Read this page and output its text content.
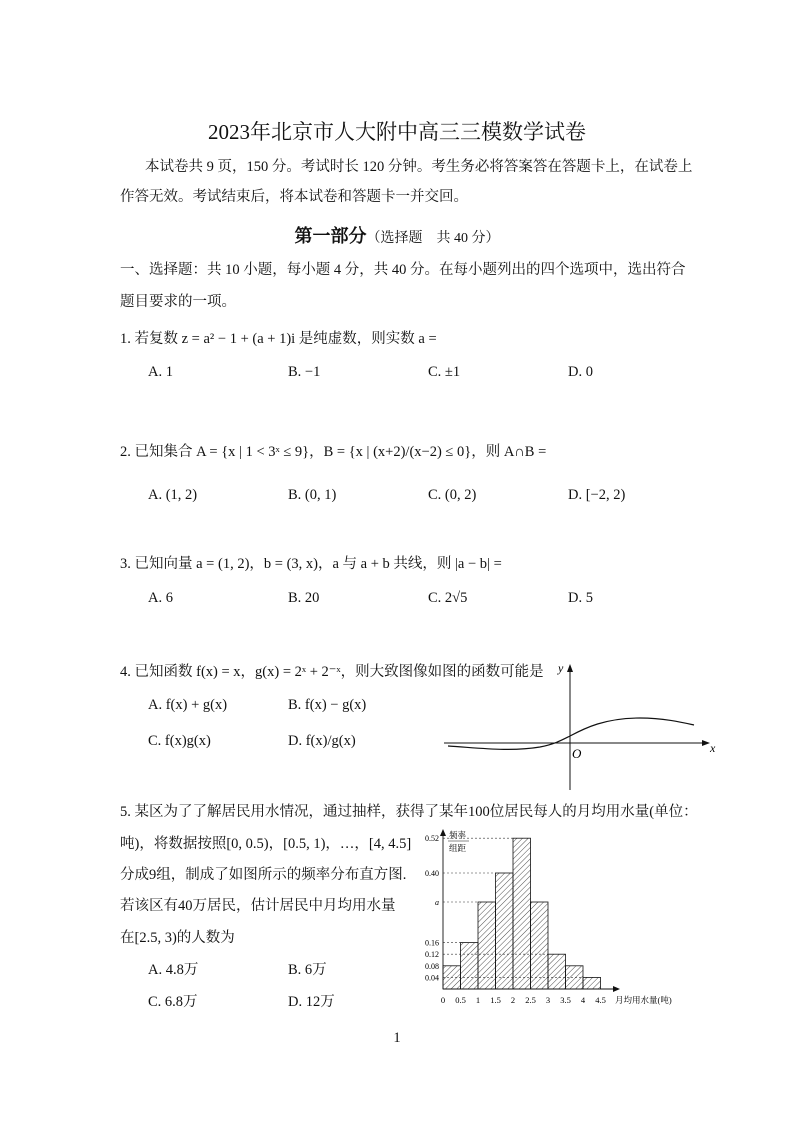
2023年北京市人大附中高三三模数学试卷
本试卷共 9 页，150 分。考试时长 120 分钟。考生务必将答案答在答题卡上，在试卷上
作答无效。考试结束后，将本试卷和答题卡一并交回。
第一部分（选择题　共 40 分）
一、选择题：共 10 小题，每小题 4 分，共 40 分。在每小题列出的四个选项中，选出符合
题目要求的一项。
1. 若复数 z = a² − 1 + (a + 1)i 是纯虚数，则实数 a =
A. 1	B. −1	C. ±1	D. 0
2. 已知集合 A = {x | 1 < 3ˣ ≤ 9}，B = {x | (x+2)/(x−2) ≤ 0}，则 A∩B =
A. (1, 2)	B. (0, 1)	C. (0, 2)	D. [−2, 2)
3. 已知向量 a = (1, 2)，b = (3, x)，a 与 a + b 共线，则 |a − b| =
A. 6	B. 20	C. 2√5	D. 5
4. 已知函数 f(x) = x，g(x) = 2ˣ + 2⁻ˣ，则大致图像如图的函数可能是
A. f(x) + g(x)	B. f(x) − g(x)
C. f(x)g(x)	D. f(x)/g(x)	x
y
O
5. 某区为了了解居民用水情况，通过抽样，获得了某年100位居民每人的月均用水量(单位：
吨)，将数据按照[0, 0.5)，[0.5, 1)，…，[4, 4.5]
分成9组，制成了如图所示的频率分布直方图.
若该区有40万居民，估计居民中月均用水量
在[2.5, 3)的人数为
A. 4.8万	B. 6万
C. 6.8万	D. 12万
0.52
0.40
a
0.16
0.12
0.08
0.04
0 0.5 1 1.5 2 2.5 3 3.5 4 4.5 月均用水量(吨)
频率
组距
1
